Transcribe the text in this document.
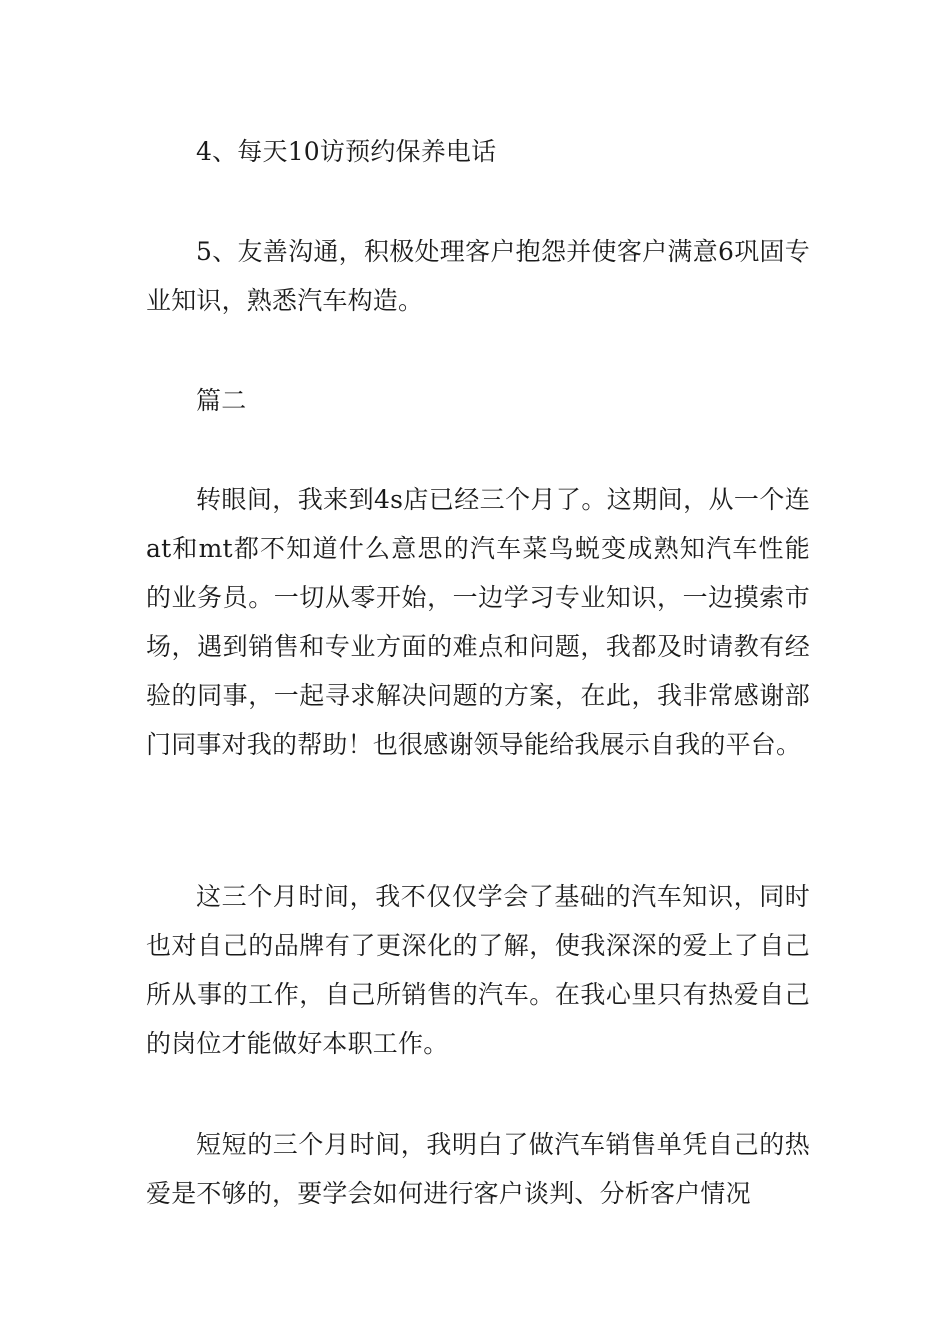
4、每天10访预约保养电话

5、友善沟通，积极处理客户抱怨并使客户满意6巩固专业知识，熟悉汽车构造。

篇二

转眼间，我来到4s店已经三个月了。这期间，从一个连at和mt都不知道什么意思的汽车菜鸟蜕变成熟知汽车性能的业务员。一切从零开始，一边学习专业知识，一边摸索市场，遇到销售和专业方面的难点和问题，我都及时请教有经验的同事，一起寻求解决问题的方案，在此，我非常感谢部门同事对我的帮助！也很感谢领导能给我展示自我的平台。

这三个月时间，我不仅仅学会了基础的汽车知识，同时也对自己的品牌有了更深化的了解，使我深深的爱上了自己所从事的工作，自己所销售的汽车。在我心里只有热爱自己的岗位才能做好本职工作。

短短的三个月时间，我明白了做汽车销售单凭自己的热爱是不够的，要学会如何进行客户谈判、分析客户情况
